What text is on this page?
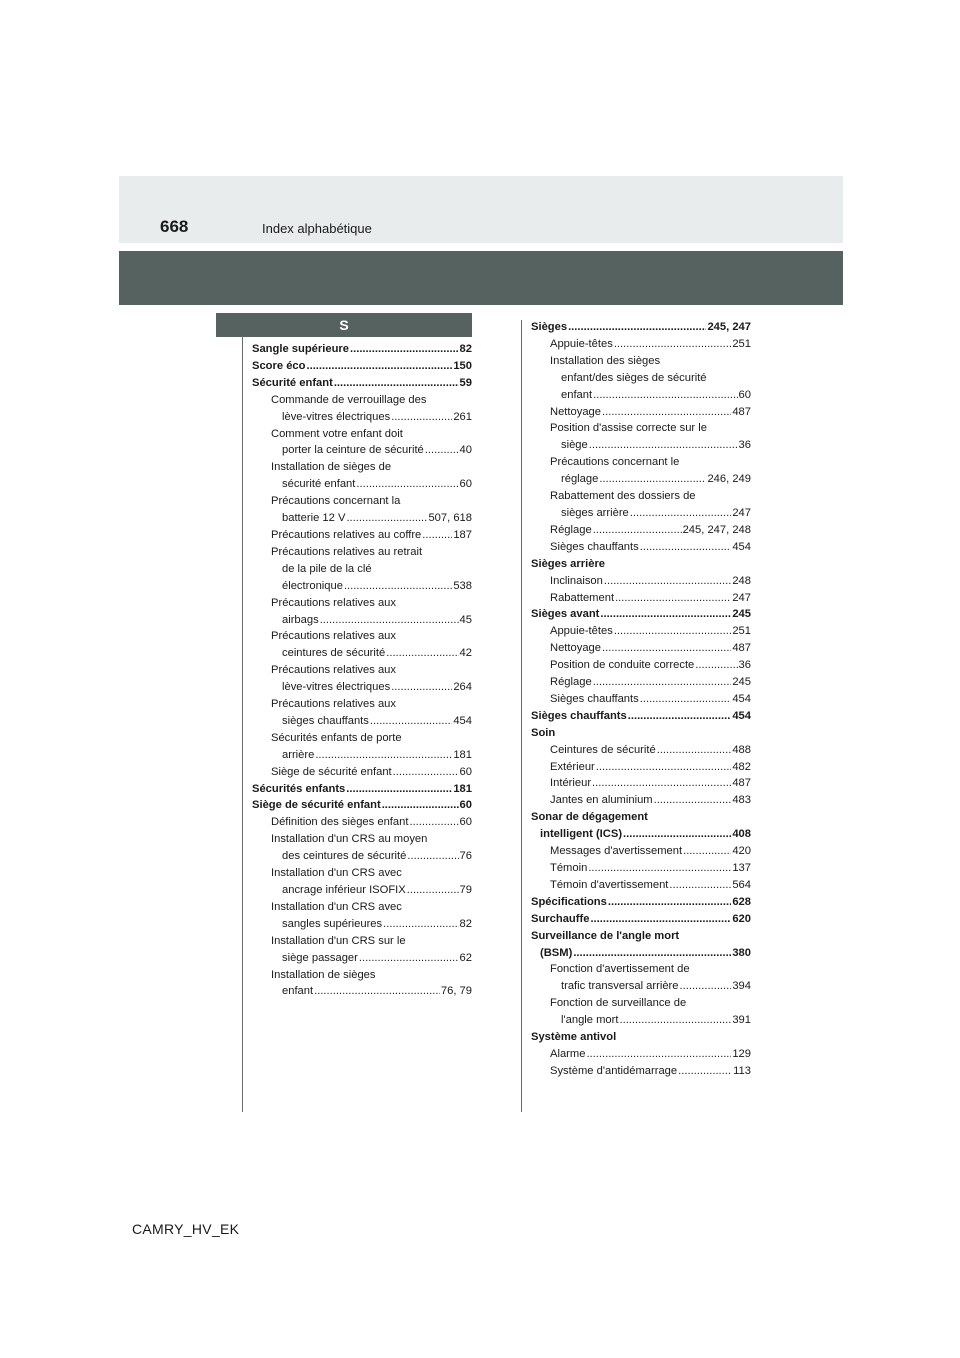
668	Index alphabétique
S
Sangle supérieure .....	82
Score éco .....	150
Sécurité enfant .....	59
Commande de verrouillage des
lève-vitres électriques .....	261
Comment votre enfant doit
porter la ceinture de sécurité .....	40
Installation de sièges de
sécurité enfant .....	60
Précautions concernant la
batterie 12 V .....	507, 618
Précautions relatives au coffre .....	187
Précautions relatives au retrait
de la pile de la clé
électronique .....	538
Précautions relatives aux
airbags .....	45
Précautions relatives aux
ceintures de sécurité .....	42
Précautions relatives aux
lève-vitres électriques .....	264
Précautions relatives aux
sièges chauffants .....	454
Sécurités enfants de porte
arrière .....	181
Siège de sécurité enfant .....	60
Sécurités enfants .....	181
Siège de sécurité enfant .....	60
Définition des sièges enfant .....	60
Installation d'un CRS au moyen
des ceintures de sécurité .....	76
Installation d'un CRS avec
ancrage inférieur ISOFIX .....	79
Installation d'un CRS avec
sangles supérieures .....	82
Installation d'un CRS sur le
siège passager .....	62
Installation de sièges
enfant .....	76, 79
Sièges .....	245, 247
Appuie-têtes .....	251
Installation des sièges
enfant/des sièges de sécurité
enfant .....	60
Nettoyage .....	487
Position d'assise correcte sur le
siège .....	36
Précautions concernant le
réglage .....	246, 249
Rabattement des dossiers de
sièges arrière .....	247
Réglage .....	245, 247, 248
Sièges chauffants .....	454
Sièges arrière
Inclinaison .....	248
Rabattement .....	247
Sièges avant .....	245
Appuie-têtes .....	251
Nettoyage .....	487
Position de conduite correcte .....	36
Réglage .....	245
Sièges chauffants .....	454
Sièges chauffants .....	454
Soin
Ceintures de sécurité .....	488
Extérieur .....	482
Intérieur .....	487
Jantes en aluminium .....	483
Sonar de dégagement
intelligent (ICS) .....	408
Messages d'avertissement .....	420
Témoin .....	137
Témoin d'avertissement .....	564
Spécifications .....	628
Surchauffe .....	620
Surveillance de l'angle mort
(BSM) .....	380
Fonction d'avertissement de
trafic transversal arrière .....	394
Fonction de surveillance de
l'angle mort .....	391
Système antivol
Alarme .....	129
Système d'antidémarrage .....	113
CAMRY_HV_EK
